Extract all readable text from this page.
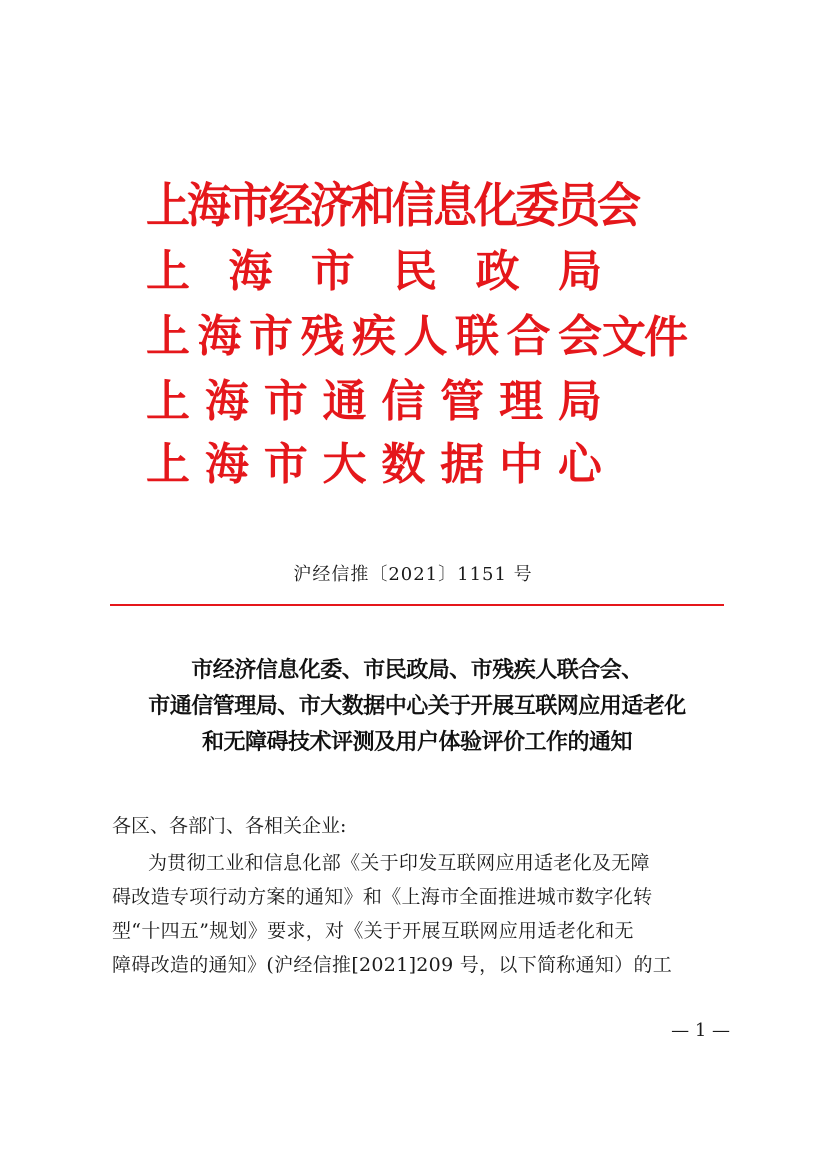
上海市经济和信息化委员会
上 海 市 民 政 局
上 海 市 残 疾 人 联 合 会 文件
上 海 市 通 信 管 理 局
上 海 市 大 数 据 中 心
沪经信推〔2021〕1151 号
市经济信息化委、市民政局、市残疾人联合会、
市通信管理局、市大数据中心关于开展互联网应用适老化
和无障碍技术评测及用户体验评价工作的通知
各区、各部门、各相关企业:
为贯彻工业和信息化部《关于印发互联网应用适老化及无障
碍改造专项行动方案的通知》和《上海市全面推进城市数字化转
型“十四五”规划》要求，对《关于开展互联网应用适老化和无
障碍改造的通知》(沪经信推[2021]209 号，以下简称通知）的工
— 1 —
